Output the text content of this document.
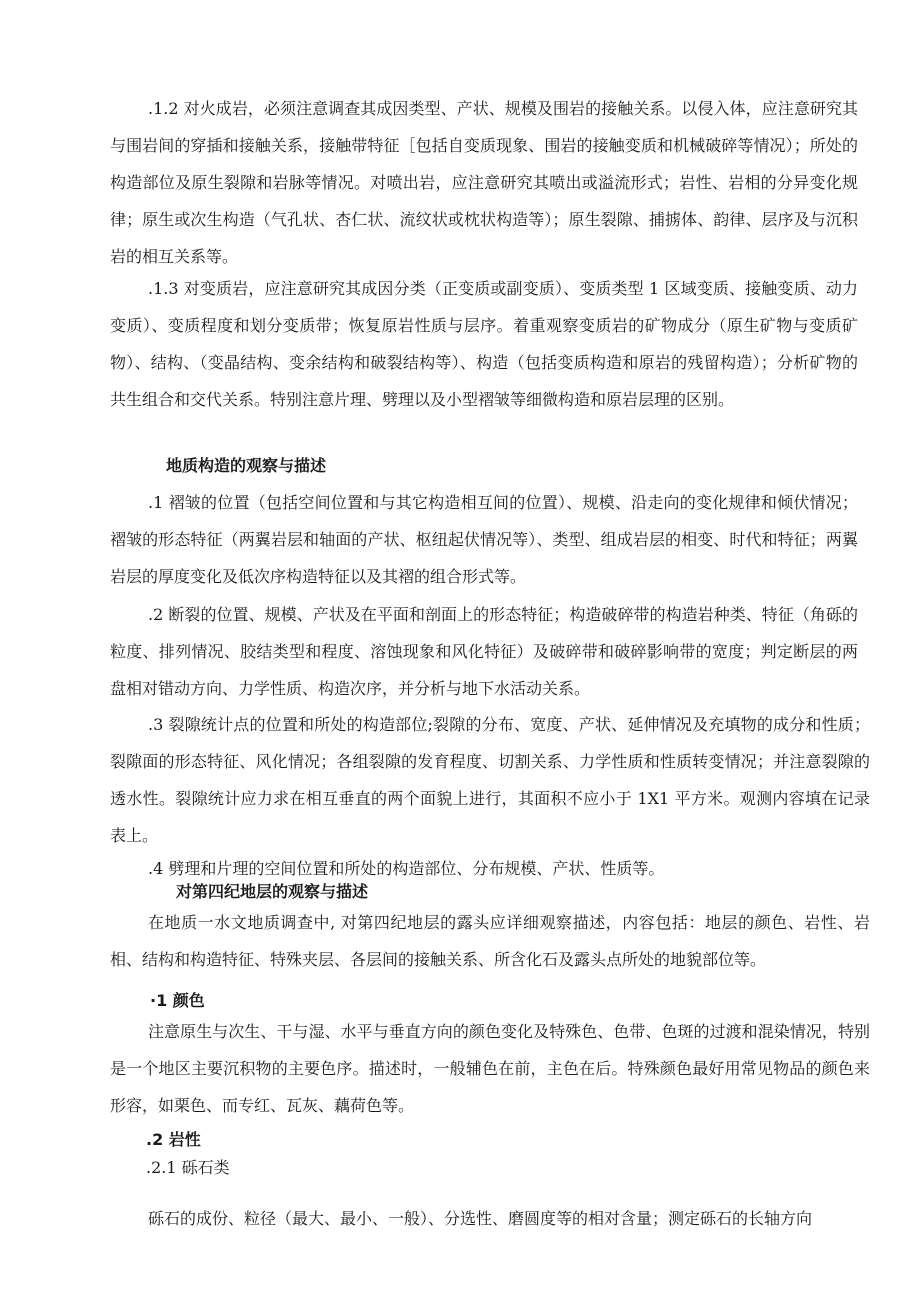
.1.2 对火成岩，必须注意调查其成因类型、产状、规模及围岩的接触关系。以侵入体，应注意研究其与围岩间的穿插和接触关系，接触带特征［包括自变质现象、围岩的接触变质和机械破碎等情况）；所处的构造部位及原生裂隙和岩脉等情况。对喷出岩，应注意研究其喷出或溢流形式；岩性、岩相的分异变化规律；原生或次生构造（气孔状、杏仁状、流纹状或枕状构造等）；原生裂隙、捕掳体、韵律、层序及与沉积岩的相互关系等。

.1.3 对变质岩，应注意研究其成因分类（正变质或副变质）、变质类型 1 区域变质、接触变质、动力变质）、变质程度和划分变质带；恢复原岩性质与层序。着重观察变质岩的矿物成分（原生矿物与变质矿物）、结构、（变晶结构、变余结构和破裂结构等）、构造（包括变质构造和原岩的残留构造）；分析矿物的共生组合和交代关系。特别注意片理、劈理以及小型褶皱等细微构造和原岩层理的区别。

地质构造的观察与描述

.1 褶皱的位置（包括空间位置和与其它构造相互间的位置）、规模、沿走向的变化规律和倾伏情况；褶皱的形态特征（两翼岩层和轴面的产状、枢纽起伏情况等）、类型、组成岩层的相变、时代和特征；两翼岩层的厚度变化及低次序构造特征以及其褶的组合形式等。

.2 断裂的位置、规模、产状及在平面和剖面上的形态特征；构造破碎带的构造岩种类、特征（角砾的粒度、排列情况、胶结类型和程度、溶蚀现象和风化特征）及破碎带和破碎影响带的宽度；判定断层的两盘相对错动方向、力学性质、构造次序，并分析与地下水活动关系。

.3 裂隙统计点的位置和所处的构造部位;裂隙的分布、宽度、产状、延伸情况及充填物的成分和性质；裂隙面的形态特征、风化情况；各组裂隙的发育程度、切割关系、力学性质和性质转变情况；并注意裂隙的透水性。裂隙统计应力求在相互垂直的两个面貌上进行，其面积不应小于 1X1 平方米。观测内容填在记录表上。

.4 劈理和片理的空间位置和所处的构造部位、分布规模、产状、性质等。

对第四纪地层的观察与描述

在地质一水文地质调查中, 对第四纪地层的露头应详细观察描述，内容包括：地层的颜色、岩性、岩相、结构和构造特征、特殊夹层、各层间的接触关系、所含化石及露头点所处的地貌部位等。

·1 颜色

注意原生与次生、干与湿、水平与垂直方向的颜色变化及特殊色、色带、色斑的过渡和混染情况，特别是一个地区主要沉积物的主要色序。描述时，一般辅色在前，主色在后。特殊颜色最好用常见物品的颜色来形容，如栗色、而专红、瓦灰、藕荷色等。

.2 岩性

.2.1 砾石类

砾石的成份、粒径（最大、最小、一般）、分选性、磨圆度等的相对含量；测定砾石的长轴方向
